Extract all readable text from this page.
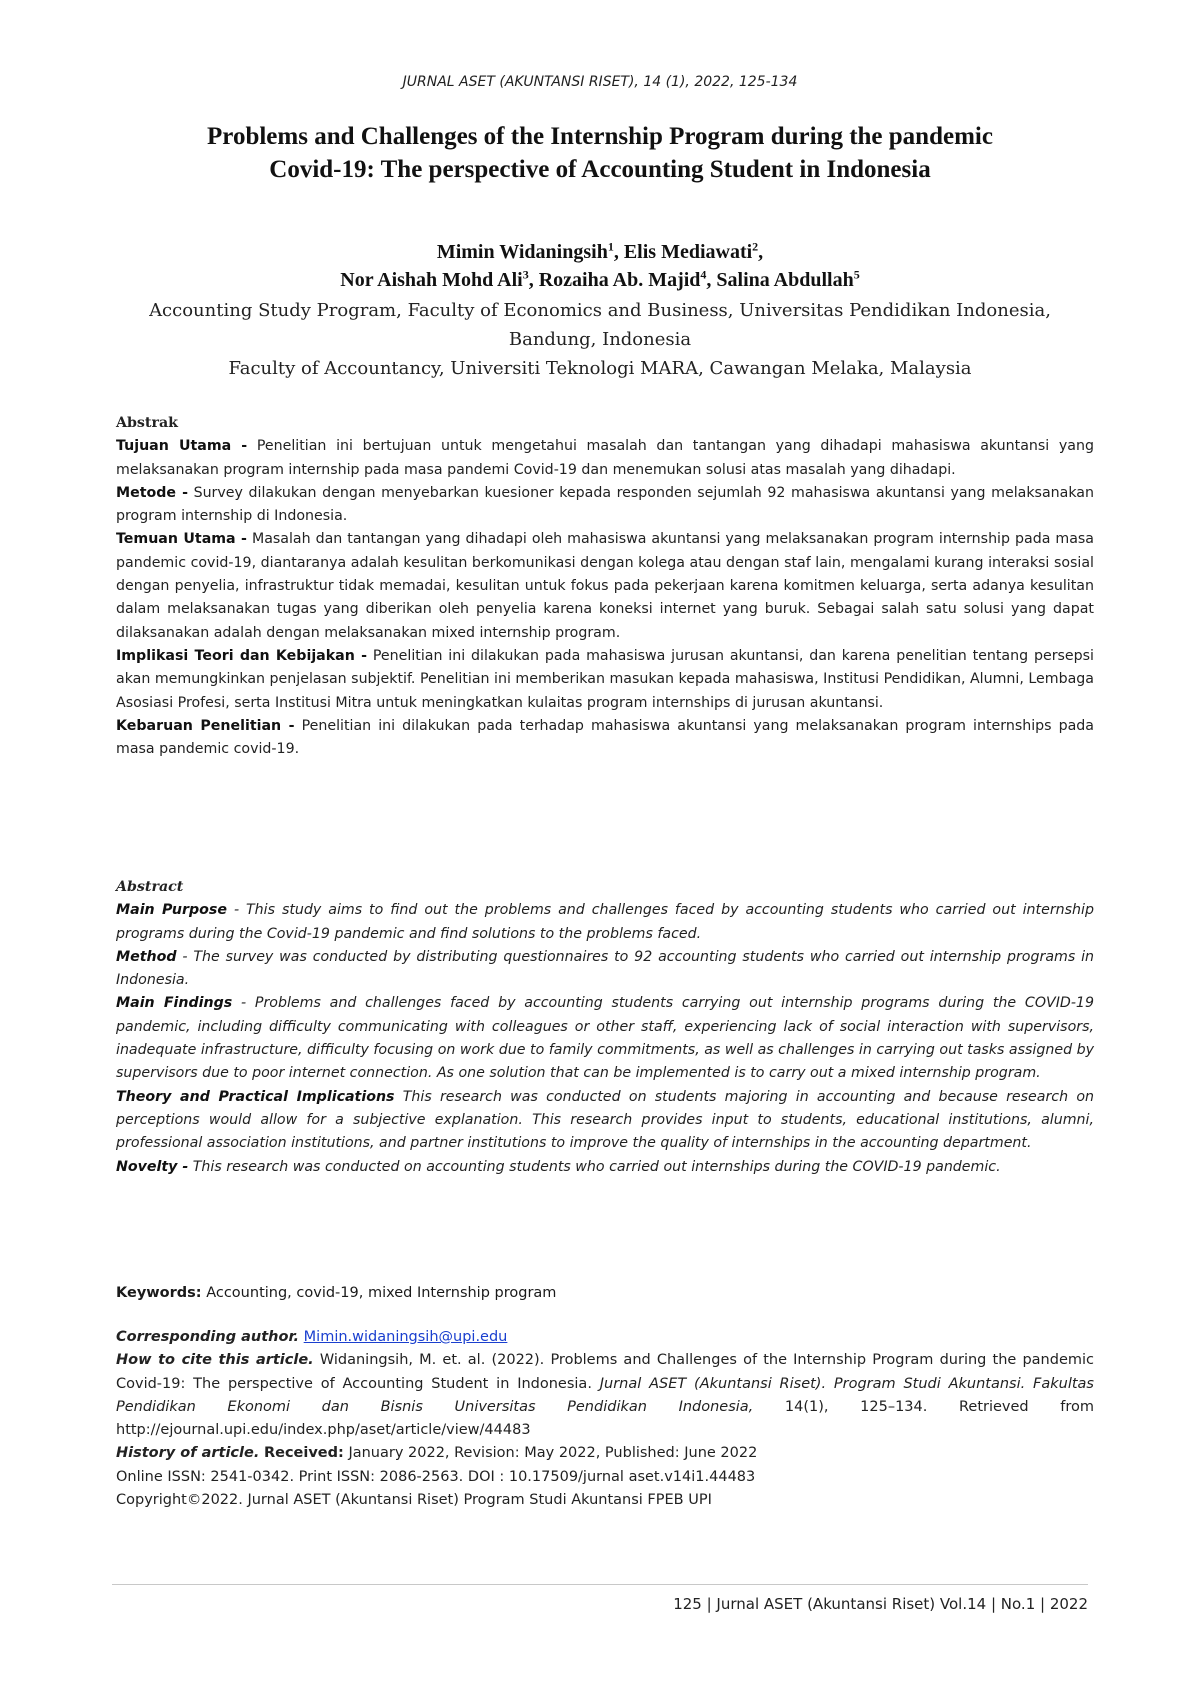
JURNAL ASET (AKUNTANSI RISET), 14 (1), 2022, 125-134
Problems and Challenges of the Internship Program during the pandemic
Covid-19: The perspective of Accounting Student in Indonesia
Mimin Widaningsih$^1$, Elis Mediawati$^2$,
Nor Aishah Mohd Ali$^3$, Rozaiha Ab. Majid$^4$, Salina Abdullah$^5$
Accounting Study Program, Faculty of Economics and Business, Universitas Pendidikan Indonesia,
Bandung, Indonesia
Faculty of Accountancy, Universiti Teknologi MARA, Cawangan Melaka, Malaysia

Abstrak

Tujuan Utama - Penelitian ini bertujuan untuk mengetahui masalah dan tantangan yang dihadapi mahasiswa akuntansi yang melaksanakan program internship pada masa pandemi Covid-19 dan menemukan solusi atas masalah yang dihadapi.

Metode - Survey dilakukan dengan menyebarkan kuesioner kepada responden sejumlah 92 mahasiswa akuntansi yang melaksanakan program internship di Indonesia.

Temuan Utama - Masalah dan tantangan yang dihadapi oleh mahasiswa akuntansi yang melaksanakan program internship pada masa pandemic covid-19, diantaranya adalah kesulitan berkomunikasi dengan kolega atau dengan staf lain, mengalami kurang interaksi sosial dengan penyelia, infrastruktur tidak memadai, kesulitan untuk fokus pada pekerjaan karena komitmen keluarga, serta adanya kesulitan dalam melaksanakan tugas yang diberikan oleh penyelia karena koneksi internet yang buruk. Sebagai salah satu solusi yang dapat dilaksanakan adalah dengan melaksanakan mixed internship program.

Implikasi Teori dan Kebijakan - Penelitian ini dilakukan pada mahasiswa jurusan akuntansi, dan karena penelitian tentang persepsi akan memungkinkan penjelasan subjektif. Penelitian ini memberikan masukan kepada mahasiswa, Institusi Pendidikan, Alumni, Lembaga Asosiasi Profesi, serta Institusi Mitra untuk meningkatkan kulaitas program internships di jurusan akuntansi.

Kebaruan Penelitian - Penelitian ini dilakukan pada terhadap mahasiswa akuntansi yang melaksanakan program internships pada masa pandemic covid-19.

Abstract

Main Purpose - This study aims to find out the problems and challenges faced by accounting students who carried out internship programs during the Covid-19 pandemic and find solutions to the problems faced.

Method - The survey was conducted by distributing questionnaires to 92 accounting students who carried out internship programs in Indonesia.

Main Findings - Problems and challenges faced by accounting students carrying out internship programs during the COVID-19 pandemic, including difficulty communicating with colleagues or other staff, experiencing lack of social interaction with supervisors, inadequate infrastructure, difficulty focusing on work due to family commitments, as well as challenges in carrying out tasks assigned by supervisors due to poor internet connection. As one solution that can be implemented is to carry out a mixed internship program.

Theory and Practical Implications This research was conducted on students majoring in accounting and because research on perceptions would allow for a subjective explanation. This research provides input to students, educational institutions, alumni, professional association institutions, and partner institutions to improve the quality of internships in the accounting department.

Novelty - This research was conducted on accounting students who carried out internships during the COVID-19 pandemic.

Keywords: Accounting, covid-19, mixed Internship program

Corresponding author. Mimin.widaningsih@upi.edu

How to cite this article. Widaningsih, M. et. al. (2022). Problems and Challenges of the Internship Program during the pandemic Covid-19: The perspective of Accounting Student in Indonesia. Jurnal ASET (Akuntansi Riset). Program Studi Akuntansi. Fakultas Pendidikan Ekonomi dan Bisnis Universitas Pendidikan Indonesia, 14(1), 125–134. Retrieved from http://ejournal.upi.edu/index.php/aset/article/view/44483

History of article. Received: January 2022, Revision: May 2022, Published: June 2022

Online ISSN: 2541-0342. Print ISSN: 2086-2563. DOI : 10.17509/jurnal aset.v14i1.44483

Copyright©2022. Jurnal ASET (Akuntansi Riset) Program Studi Akuntansi FPEB UPI

125 | Jurnal ASET (Akuntansi Riset) Vol.14 | No.1 | 2022
